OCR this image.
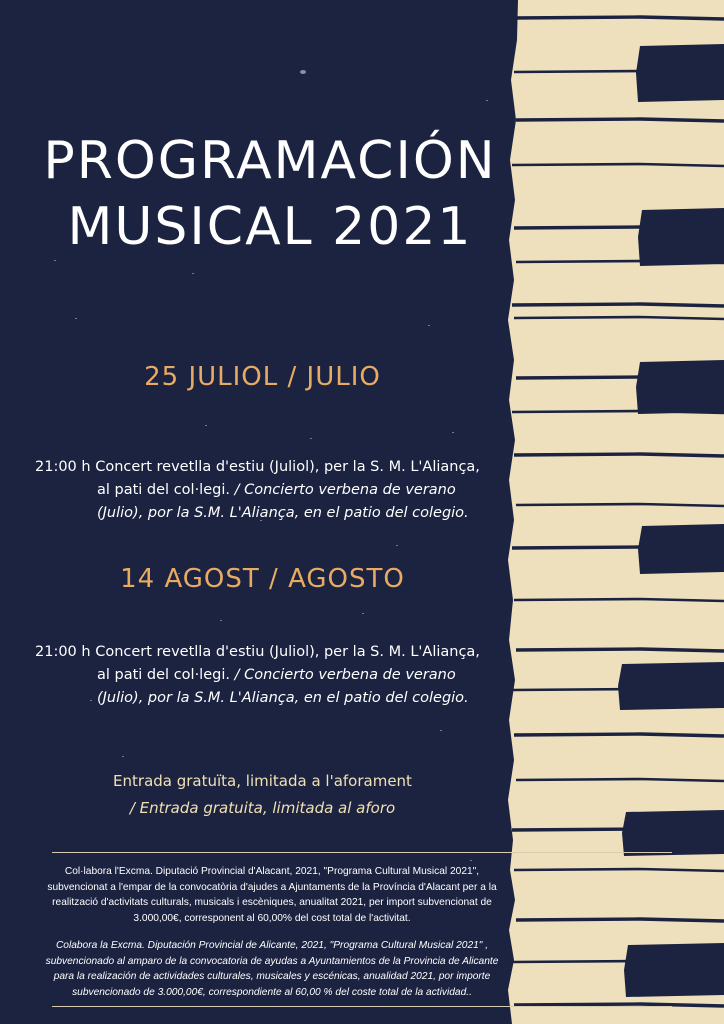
PROGRAMACIÓN
MUSICAL 2021
25 JULIOL / JULIO
21:00 h Concert revetlla d'estiu (Juliol), per la S. M. L'Aliança,
al pati del col·legi. / Concierto verbena de verano
(Julio), por la S.M. L'Aliança, en el patio del colegio.
14 AGOST / AGOSTO
21:00 h Concert revetlla d'estiu (Juliol), per la S. M. L'Aliança,
al pati del col·legi. / Concierto verbena de verano
(Julio), por la S.M. L'Aliança, en el patio del colegio.
Entrada gratuïta, limitada a l'aforament
/ Entrada gratuita, limitada al aforo
Col·labora l'Excma. Diputació Provincial d'Alacant, 2021, "Programa Cultural Musical 2021",
subvencionat a l'empar de la convocatòria d'ajudes a Ajuntaments de la Província d'Alacant per a la
realització d'activitats culturals, musicals i escèniques, anualitat 2021, per import subvencionat de
3.000,00€, corresponent al 60,00% del cost total de l'activitat.
Colabora la Excma. Diputación Provincial de Alicante, 2021, "Programa Cultural Musical 2021" ,
subvencionado al amparo de la convocatoria de ayudas a Ayuntamientos de la Provincia de Alicante
para la realización de actividades culturales, musicales y escénicas, anualidad 2021, por importe
subvencionado de 3.000,00€, correspondiente al 60,00 % del coste total de la actividad..
